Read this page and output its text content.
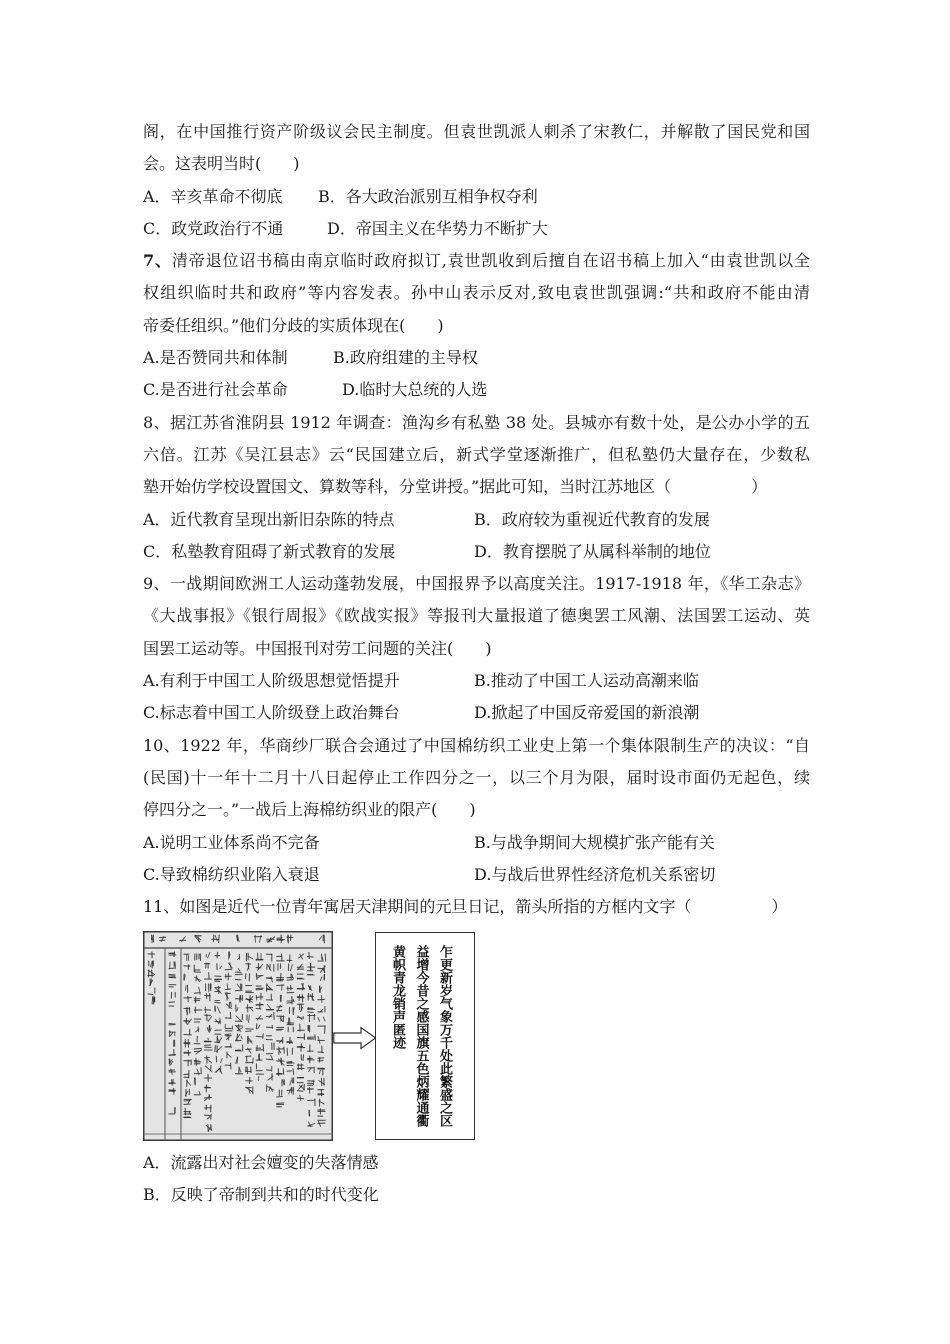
阁，在中国推行资产阶级议会民主制度。但袁世凯派人刺杀了宋教仁，并解散了国民党和国
会。这表明当时(　　)
A．辛亥革命不彻底 B．各大政治派别互相争权夺利
C．政党政治行不通	D．帝国主义在华势力不断扩大
7、清帝退位诏书稿由南京临时政府拟订,袁世凯收到后擅自在诏书稿上加入“由袁世凯以全
权组织临时共和政府”等内容发表。孙中山表示反对,致电袁世凯强调:“共和政府不能由清
帝委任组织。”他们分歧的实质体现在(　　)
A.是否赞同共和体制	B.政府组建的主导权
C.是否进行社会革命	D.临时大总统的人选
8、据江苏省淮阴县 1912 年调查：渔沟乡有私塾 38 处。县城亦有数十处，是公办小学的五
六倍。江苏《吴江县志》云“民国建立后，新式学堂逐渐推广，但私塾仍大量存在，少数私
塾开始仿学校设置国文、算数等科，分堂讲授。”据此可知，当时江苏地区（　　　　　）
A．近代教育呈现出新旧杂陈的特点	B．政府较为重视近代教育的发展
C．私塾教育阻碍了新式教育的发展	D．教育摆脱了从属科举制的地位
9、一战期间欧洲工人运动蓬勃发展，中国报界予以高度关注。1917-1918 年，《华工杂志》
《大战事报》《银行周报》《欧战实报》等报刊大量报道了德奥罢工风潮、法国罢工运动、英
国罢工运动等。中国报刊对劳工问题的关注(　　)
A.有利于中国工人阶级思想觉悟提升	B.推动了中国工人运动高潮来临
C.标志着中国工人阶级登上政治舞台	D.掀起了中国反帝爱国的新浪潮
10、1922 年，华商纱厂联合会通过了中国棉纺织工业史上第一个集体限制生产的决议：“自
(民国)十一年十二月十八日起停止工作四分之一，以三个月为限，届时设市面仍无起色，续
停四分之一。”一战后上海棉纺织业的限产(　　)
A.说明工业体系尚不完备	B.与战争期间大规模扩张产能有关
C.导致棉纺织业陷入衰退	D.与战后世界性经济危机关系密切
11、如图是近代一位青年寓居天津期间的元旦日记，箭头所指的方框内文字（　　　　　）
乍更新岁气象万千处此繁盛之区
益增今昔之感国旗五色炳耀通衢
黄帜青龙销声匿迹
A．流露出对社会嬗变的失落情感
B．反映了帝制到共和的时代变化
